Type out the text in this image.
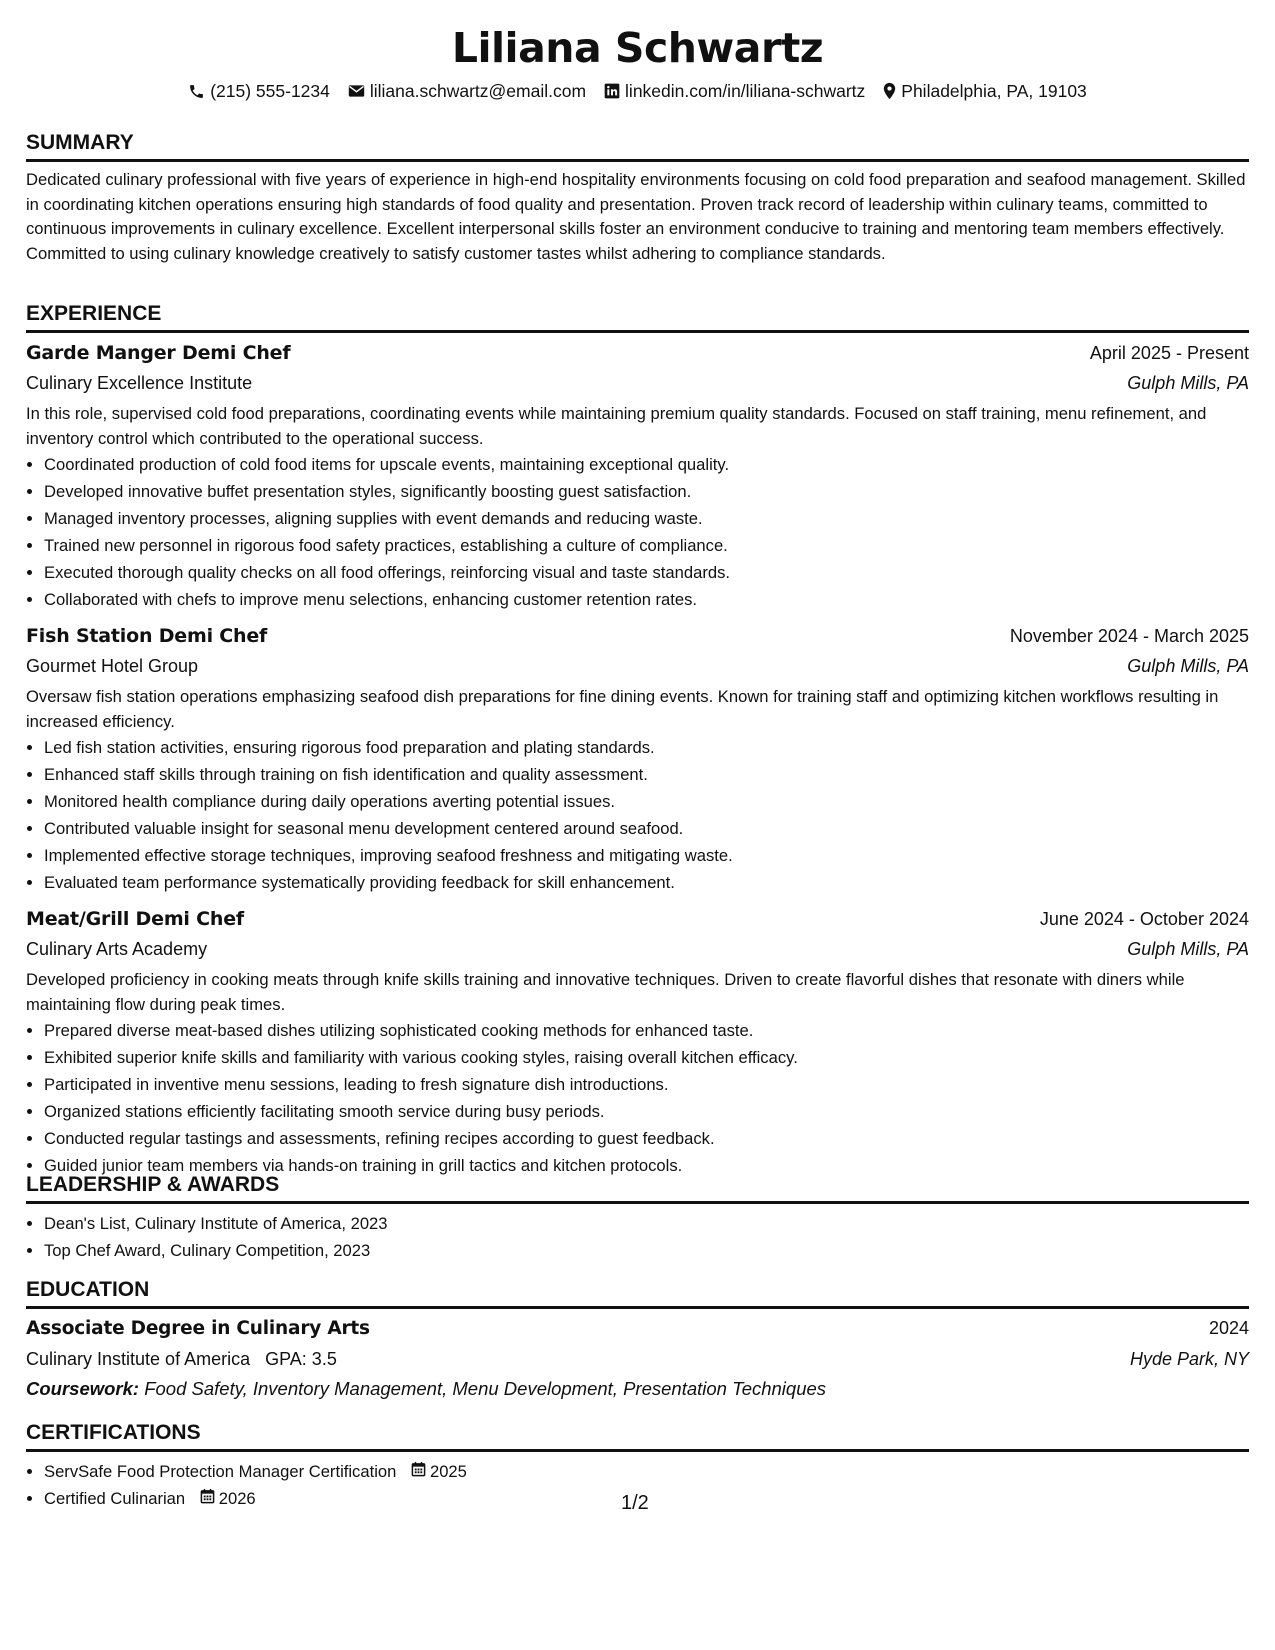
Liliana Schwartz
(215) 555-1234 liliana.schwartz@email.com linkedin.com/in/liliana-schwartz Philadelphia, PA, 19103
SUMMARY

Dedicated culinary professional with five years of experience in high-end hospitality environments focusing on cold food preparation and seafood management. Skilled in coordinating kitchen operations ensuring high standards of food quality and presentation. Proven track record of leadership within culinary teams, committed to continuous improvements in culinary excellence. Excellent interpersonal skills foster an environment conducive to training and mentoring team members effectively. Committed to using culinary knowledge creatively to satisfy customer tastes whilst adhering to compliance standards.

EXPERIENCE
Garde Manger Demi Chef	April 2025 - Present
Culinary Excellence Institute	Gulph Mills, PA
In this role, supervised cold food preparations, coordinating events while maintaining premium quality standards. Focused on staff training, menu refinement, and inventory control which contributed to the operational success.
• Coordinated production of cold food items for upscale events, maintaining exceptional quality.
• Developed innovative buffet presentation styles, significantly boosting guest satisfaction.
• Managed inventory processes, aligning supplies with event demands and reducing waste.
• Trained new personnel in rigorous food safety practices, establishing a culture of compliance.
• Executed thorough quality checks on all food offerings, reinforcing visual and taste standards.
• Collaborated with chefs to improve menu selections, enhancing customer retention rates.
Fish Station Demi Chef	November 2024 - March 2025
Gourmet Hotel Group	Gulph Mills, PA
Oversaw fish station operations emphasizing seafood dish preparations for fine dining events. Known for training staff and optimizing kitchen workflows resulting in increased efficiency.
• Led fish station activities, ensuring rigorous food preparation and plating standards.
• Enhanced staff skills through training on fish identification and quality assessment.
• Monitored health compliance during daily operations averting potential issues.
• Contributed valuable insight for seasonal menu development centered around seafood.
• Implemented effective storage techniques, improving seafood freshness and mitigating waste.
• Evaluated team performance systematically providing feedback for skill enhancement.
Meat/Grill Demi Chef	June 2024 - October 2024
Culinary Arts Academy	Gulph Mills, PA
Developed proficiency in cooking meats through knife skills training and innovative techniques. Driven to create flavorful dishes that resonate with diners while maintaining flow during peak times.
• Prepared diverse meat-based dishes utilizing sophisticated cooking methods for enhanced taste.
• Exhibited superior knife skills and familiarity with various cooking styles, raising overall kitchen efficacy.
• Participated in inventive menu sessions, leading to fresh signature dish introductions.
• Organized stations efficiently facilitating smooth service during busy periods.
• Conducted regular tastings and assessments, refining recipes according to guest feedback.
• Guided junior team members via hands-on training in grill tactics and kitchen protocols.
LEADERSHIP & AWARDS
• Dean's List, Culinary Institute of America, 2023
• Top Chef Award, Culinary Competition, 2023
EDUCATION
Associate Degree in Culinary Arts	2024
Culinary Institute of America GPA: 3.5	Hyde Park, NY
Coursework: Food Safety, Inventory Management, Menu Development, Presentation Techniques
CERTIFICATIONS
• ServSafe Food Protection Manager Certification 2025
• Certified Culinarian 2026	1/2
